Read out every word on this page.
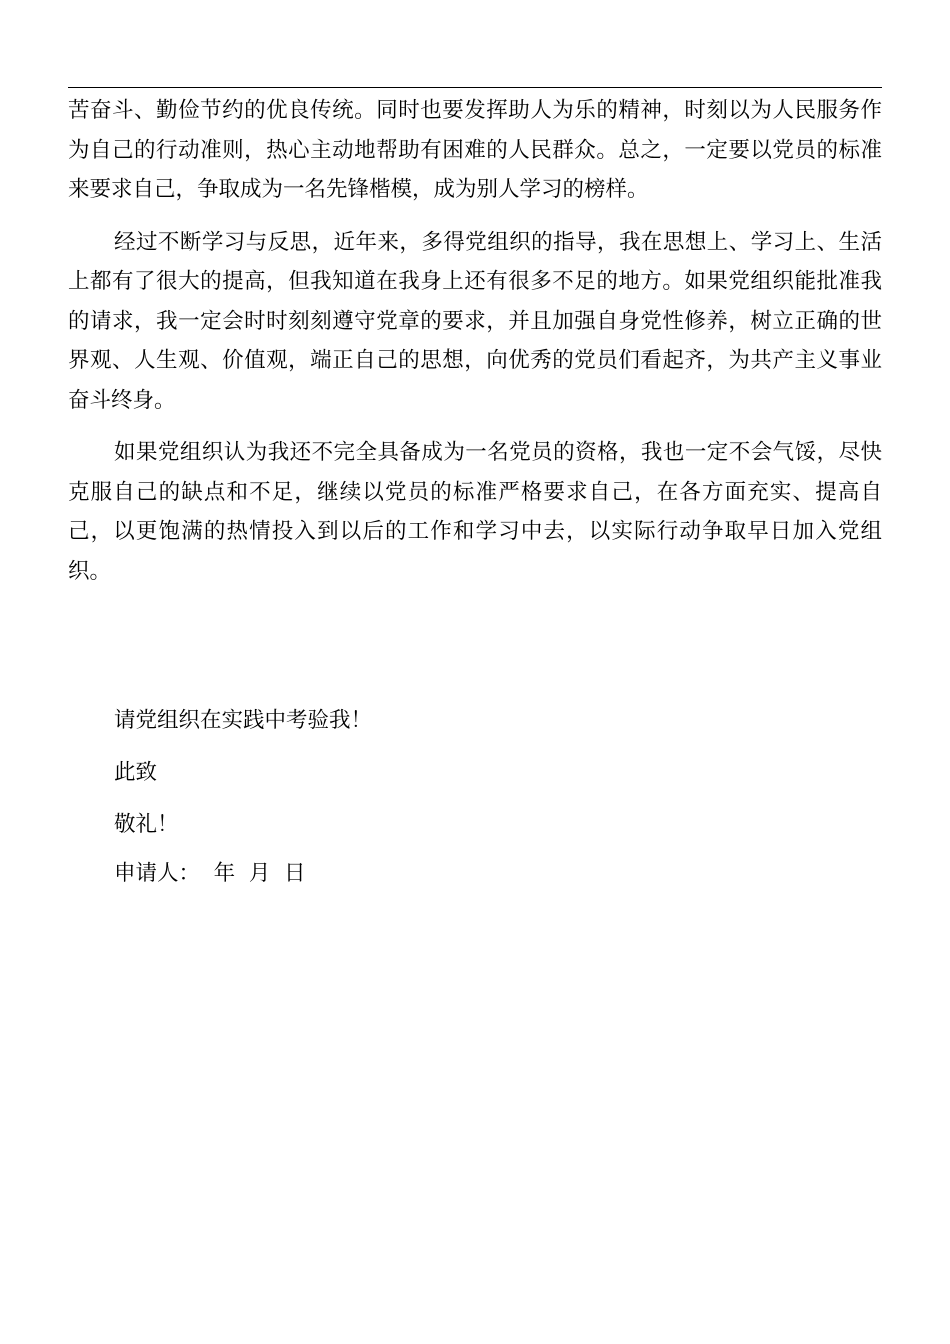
苦奋斗、勤俭节约的优良传统。同时也要发挥助人为乐的精神，时刻以为人民服务作为自己的行动准则，热心主动地帮助有困难的人民群众。总之，一定要以党员的标准来要求自己，争取成为一名先锋楷模，成为别人学习的榜样。

经过不断学习与反思，近年来，多得党组织的指导，我在思想上、学习上、生活上都有了很大的提高，但我知道在我身上还有很多不足的地方。如果党组织能批准我的请求，我一定会时时刻刻遵守党章的要求，并且加强自身党性修养，树立正确的世界观、人生观、价值观，端正自己的思想，向优秀的党员们看起齐，为共产主义事业奋斗终身。

如果党组织认为我还不完全具备成为一名党员的资格，我也一定不会气馁，尽快克服自己的缺点和不足，继续以党员的标准严格要求自己，在各方面充实、提高自己，以更饱满的热情投入到以后的工作和学习中去，以实际行动争取早日加入党组织。

请党组织在实践中考验我！
此致
敬礼！
申请人：  年  月  日
